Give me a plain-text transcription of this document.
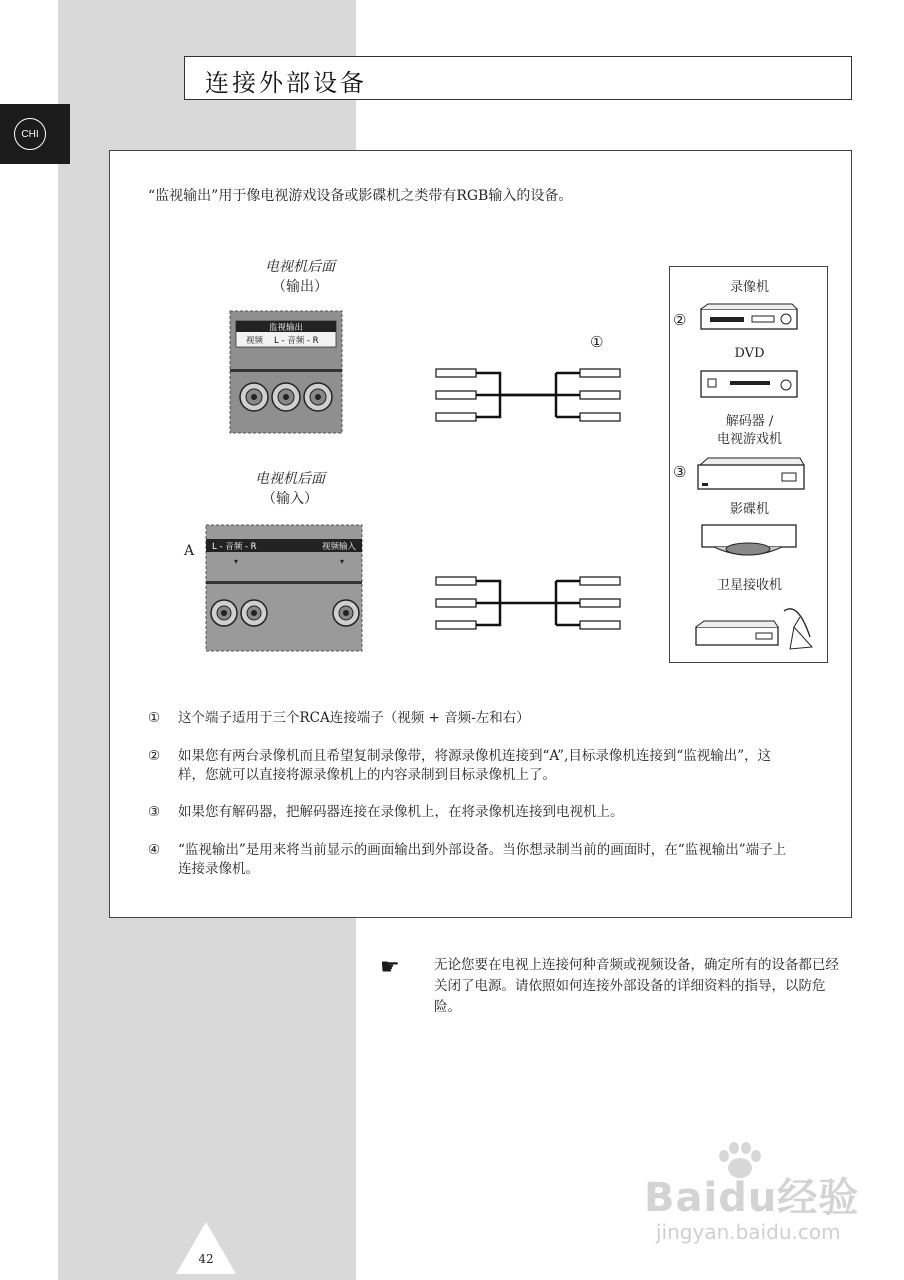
CHI
连接外部设备
“监视输出”用于像电视游戏设备或影碟机之类带有RGB输入的设备。
电视机后面
（输出）
电视机后面
（输入）
监视输出
视频 L - 音频 - R
A L - 音频 - R	视频输入
▾	▾
①
录像机
②
DVD
解码器 /
电视游戏机
③
影碟机
卫星接收机
① 这个端子适用于三个RCA连接端子（视频 + 音频-左和右）
② 如果您有两台录像机而且希望复制录像带，将源录像机连接到“A”,目标录像机连接到“监视输出”，这样，您就可以直接将源录像机上的内容录制到目标录像机上了。
③ 如果您有解码器，把解码器连接在录像机上，在将录像机连接到电视机上。
④ “监视输出”是用来将当前显示的画面输出到外部设备。当你想录制当前的画面时，在“监视输出”端子上连接录像机。
☛	无论您要在电视上连接何种音频或视频设备，确定所有的设备都已经关闭了电源。请依照如何连接外部设备的详细资料的指导，以防危险。
42
Baidu经验
jingyan.baidu.com
